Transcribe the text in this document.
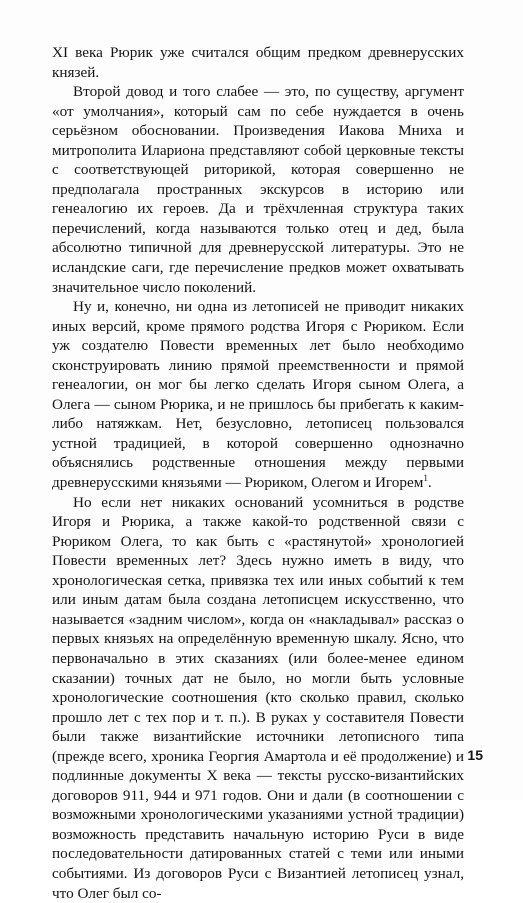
XI века Рюрик уже считался общим предком древнерусских князей.

Второй довод и того слабее — это, по существу, аргумент «от умолчания», который сам по себе нуждается в очень серьёзном обосновании. Произведения Иакова Мниха и митрополита Илариона представляют собой церковные тексты с соответствующей риторикой, которая совершенно не предполагала пространных экскурсов в историю или генеалогию их героев. Да и трёхчленная структура таких перечислений, когда называются только отец и дед, была абсолютно типичной для древнерусской литературы. Это не исландские саги, где перечисление предков может охватывать значительное число поколений.

Ну и, конечно, ни одна из летописей не приводит никаких иных версий, кроме прямого родства Игоря с Рюриком. Если уж создателю Повести временных лет было необходимо сконструировать линию прямой преемственности и прямой генеалогии, он мог бы легко сделать Игоря сыном Олега, а Олега — сыном Рюрика, и не пришлось бы прибегать к каким-либо натяжкам. Нет, безусловно, летописец пользовался устной традицией, в которой совершенно однозначно объяснялись родственные отношения между первыми древнерусскими князьями — Рюриком, Олегом и Игорем$^1$.

Но если нет никаких оснований усомниться в родстве Игоря и Рюрика, а также какой-то родственной связи с Рюриком Олега, то как быть с «растянутой» хронологией Повести временных лет? Здесь нужно иметь в виду, что хронологическая сетка, привязка тех или иных событий к тем или иным датам была создана летописцем искусственно, что называется «задним числом», когда он «накладывал» рассказ о первых князьях на определённую временную шкалу. Ясно, что первоначально в этих сказаниях (или более-менее едином сказании) точных дат не было, но могли быть условные хронологические соотношения (кто сколько правил, сколько прошло лет с тех пор и т. п.). В руках у составителя Повести были также византийские источники летописного типа (прежде всего, хроника Георгия Амартола и её продолжение) и подлинные документы X века — тексты русско-византийских договоров 911, 944 и 971 годов. Они и дали (в соотношении с возможными хронологическими указаниями устной традиции) возможность представить начальную историю Руси в виде последовательности датированных статей с теми или иными событиями. Из договоров Руси с Византией летописец узнал, что Олег был со-

15
